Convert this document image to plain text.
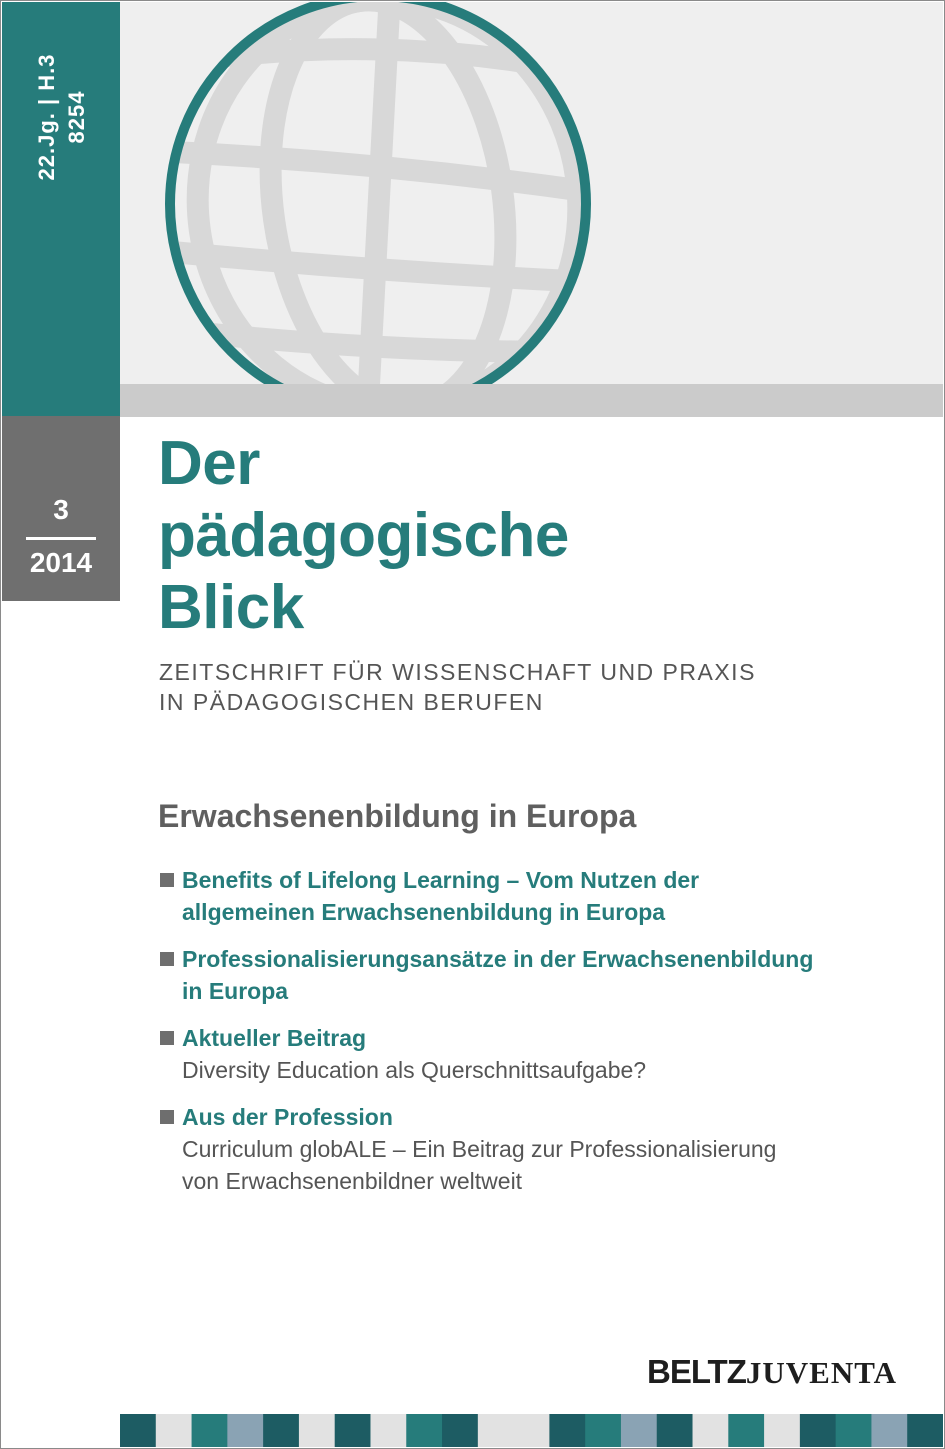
22.Jg. | H.3 8254
3
2014
Der
pädagogische
Blick
ZEITSCHRIFT FÜR WISSENSCHAFT UND PRAXIS
IN PÄDAGOGISCHEN BERUFEN
Erwachsenenbildung in Europa
Benefits of Lifelong Learning – Vom Nutzen der
allgemeinen Erwachsenenbildung in Europa
Professionalisierungsansätze in der Erwachsenenbildung
in Europa
Aktueller Beitrag
Diversity Education als Querschnittsaufgabe?
Aus der Profession
Curriculum globALE – Ein Beitrag zur Professionalisierung
von Erwachsenenbildner weltweit
BELTZJUVENTA
